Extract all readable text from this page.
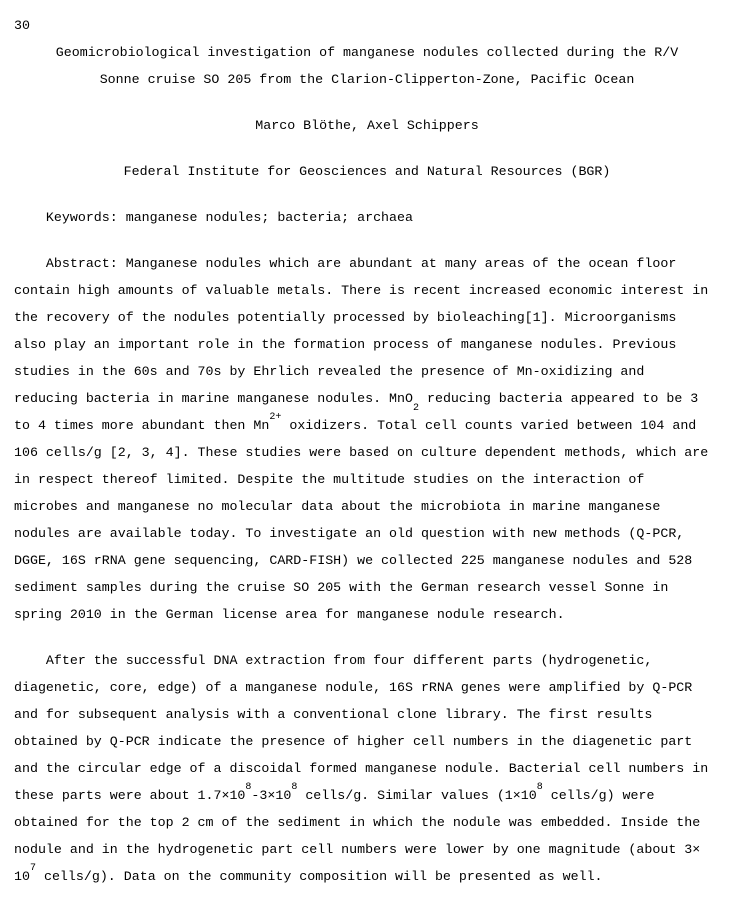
30
Geomicrobiological investigation of manganese nodules collected during the R/V
Sonne cruise SO 205 from the Clarion-Clipperton-Zone, Pacific Ocean
Marco Blöthe, Axel Schippers
Federal Institute for Geosciences and Natural Resources (BGR)
Keywords: manganese nodules; bacteria; archaea
Abstract: Manganese nodules which are abundant at many areas of the ocean floor
contain high amounts of valuable metals. There is recent increased economic interest in
the recovery of the nodules potentially processed by bioleaching[1]. Microorganisms
also play an important role in the formation process of manganese nodules. Previous
studies in the 60s and 70s by Ehrlich revealed the presence of Mn-oxidizing and
reducing bacteria in marine manganese nodules. MnO$_2$ reducing bacteria appeared to be 3
to 4 times more abundant then $Mn^{2+}$ oxidizers. Total cell counts varied between 104 and
106 cells/g [2, 3, 4]. These studies were based on culture dependent methods, which are
in respect thereof limited. Despite the multitude studies on the interaction of
microbes and manganese no molecular data about the microbiota in marine manganese
nodules are available today. To investigate an old question with new methods (Q-PCR,
DGGE, 16S rRNA gene sequencing, CARD-FISH) we collected 225 manganese nodules and 528
sediment samples during the cruise SO 205 with the German research vessel Sonne in
spring 2010 in the German license area for manganese nodule research.
After the successful DNA extraction from four different parts (hydrogenetic,
diagenetic, core, edge) of a manganese nodule, 16S rRNA genes were amplified by Q-PCR
and for subsequent analysis with a conventional clone library. The first results
obtained by Q-PCR indicate the presence of higher cell numbers in the diagenetic part
and the circular edge of a discoidal formed manganese nodule. Bacterial cell numbers in
these parts were about $1.7\times 10^8-3\times 10^8$ cells/g. Similar values ($1\times 10^8$ cells/g) were
obtained for the top 2 cm of the sediment in which the nodule was embedded. Inside the
nodule and in the hydrogenetic part cell numbers were lower by one magnitude (about 3×
$10^7$ cells/g). Data on the community composition will be presented as well.
